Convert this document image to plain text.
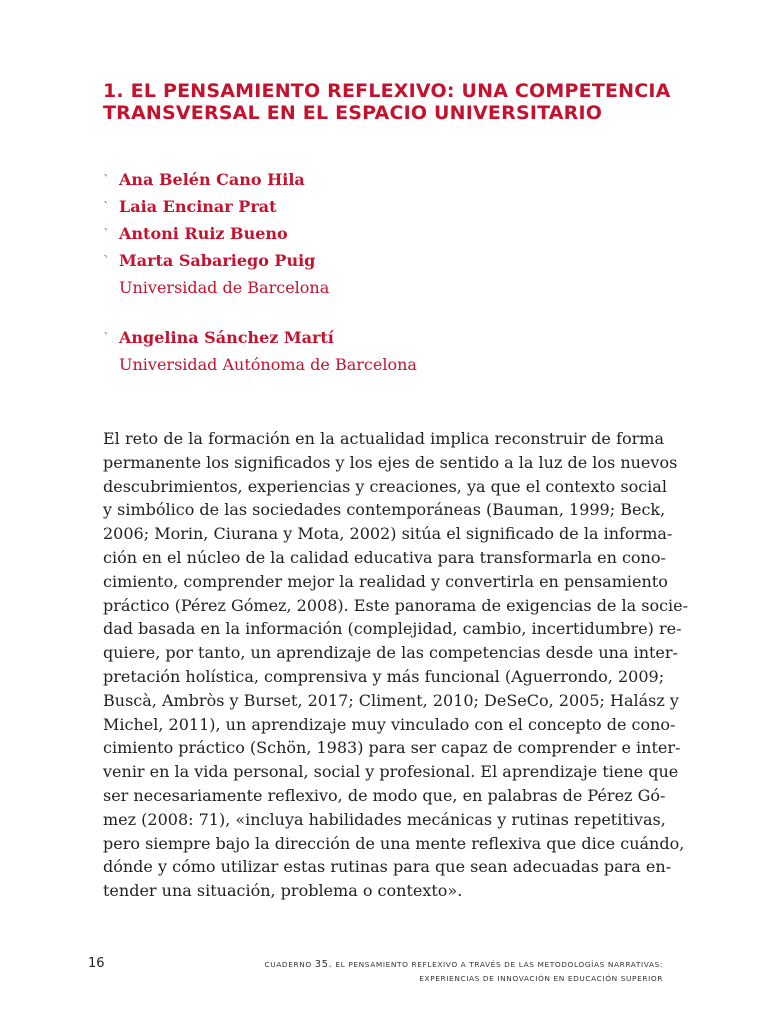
1. EL PENSAMIENTO REFLEXIVO: UNA COMPETENCIA
TRANSVERSAL EN EL ESPACIO UNIVERSITARIO
` Ana Belén Cano Hila
` Laia Encinar Prat
` Antoni Ruiz Bueno
` Marta Sabariego Puig
Universidad de Barcelona
` Angelina Sánchez Martí
Universidad Autónoma de Barcelona

El reto de la formación en la actualidad implica reconstruir de forma
permanente los significados y los ejes de sentido a la luz de los nuevos
descubrimientos, experiencias y creaciones, ya que el contexto social
y simbólico de las sociedades contemporáneas (Bauman, 1999; Beck,
2006; Morin, Ciurana y Mota, 2002) sitúa el significado de la informa-
ción en el núcleo de la calidad educativa para transformarla en cono-
cimiento, comprender mejor la realidad y convertirla en pensamiento
práctico (Pérez Gómez, 2008). Este panorama de exigencias de la socie-
dad basada en la información (complejidad, cambio, incertidumbre) re-
quiere, por tanto, un aprendizaje de las competencias desde una inter-
pretación holística, comprensiva y más funcional (Aguerrondo, 2009;
Buscà, Ambròs y Burset, 2017; Climent, 2010; DeSeCo, 2005; Halász y
Michel, 2011), un aprendizaje muy vinculado con el concepto de cono-
cimiento práctico (Schön, 1983) para ser capaz de comprender e inter-
venir en la vida personal, social y profesional. El aprendizaje tiene que
ser necesariamente reflexivo, de modo que, en palabras de Pérez Gó-
mez (2008: 71), «incluya habilidades mecánicas y rutinas repetitivas,
pero siempre bajo la dirección de una mente reflexiva que dice cuándo,
dónde y cómo utilizar estas rutinas para que sean adecuadas para en-
tender una situación, problema o contexto».

16	CUADERNO 35. EL PENSAMIENTO REFLEXIVO A TRAVÉS DE LAS METODOLOGÍAS NARRATIVAS:
EXPERIENCIAS DE INNOVACIÓN EN EDUCACIÓN SUPERIOR
